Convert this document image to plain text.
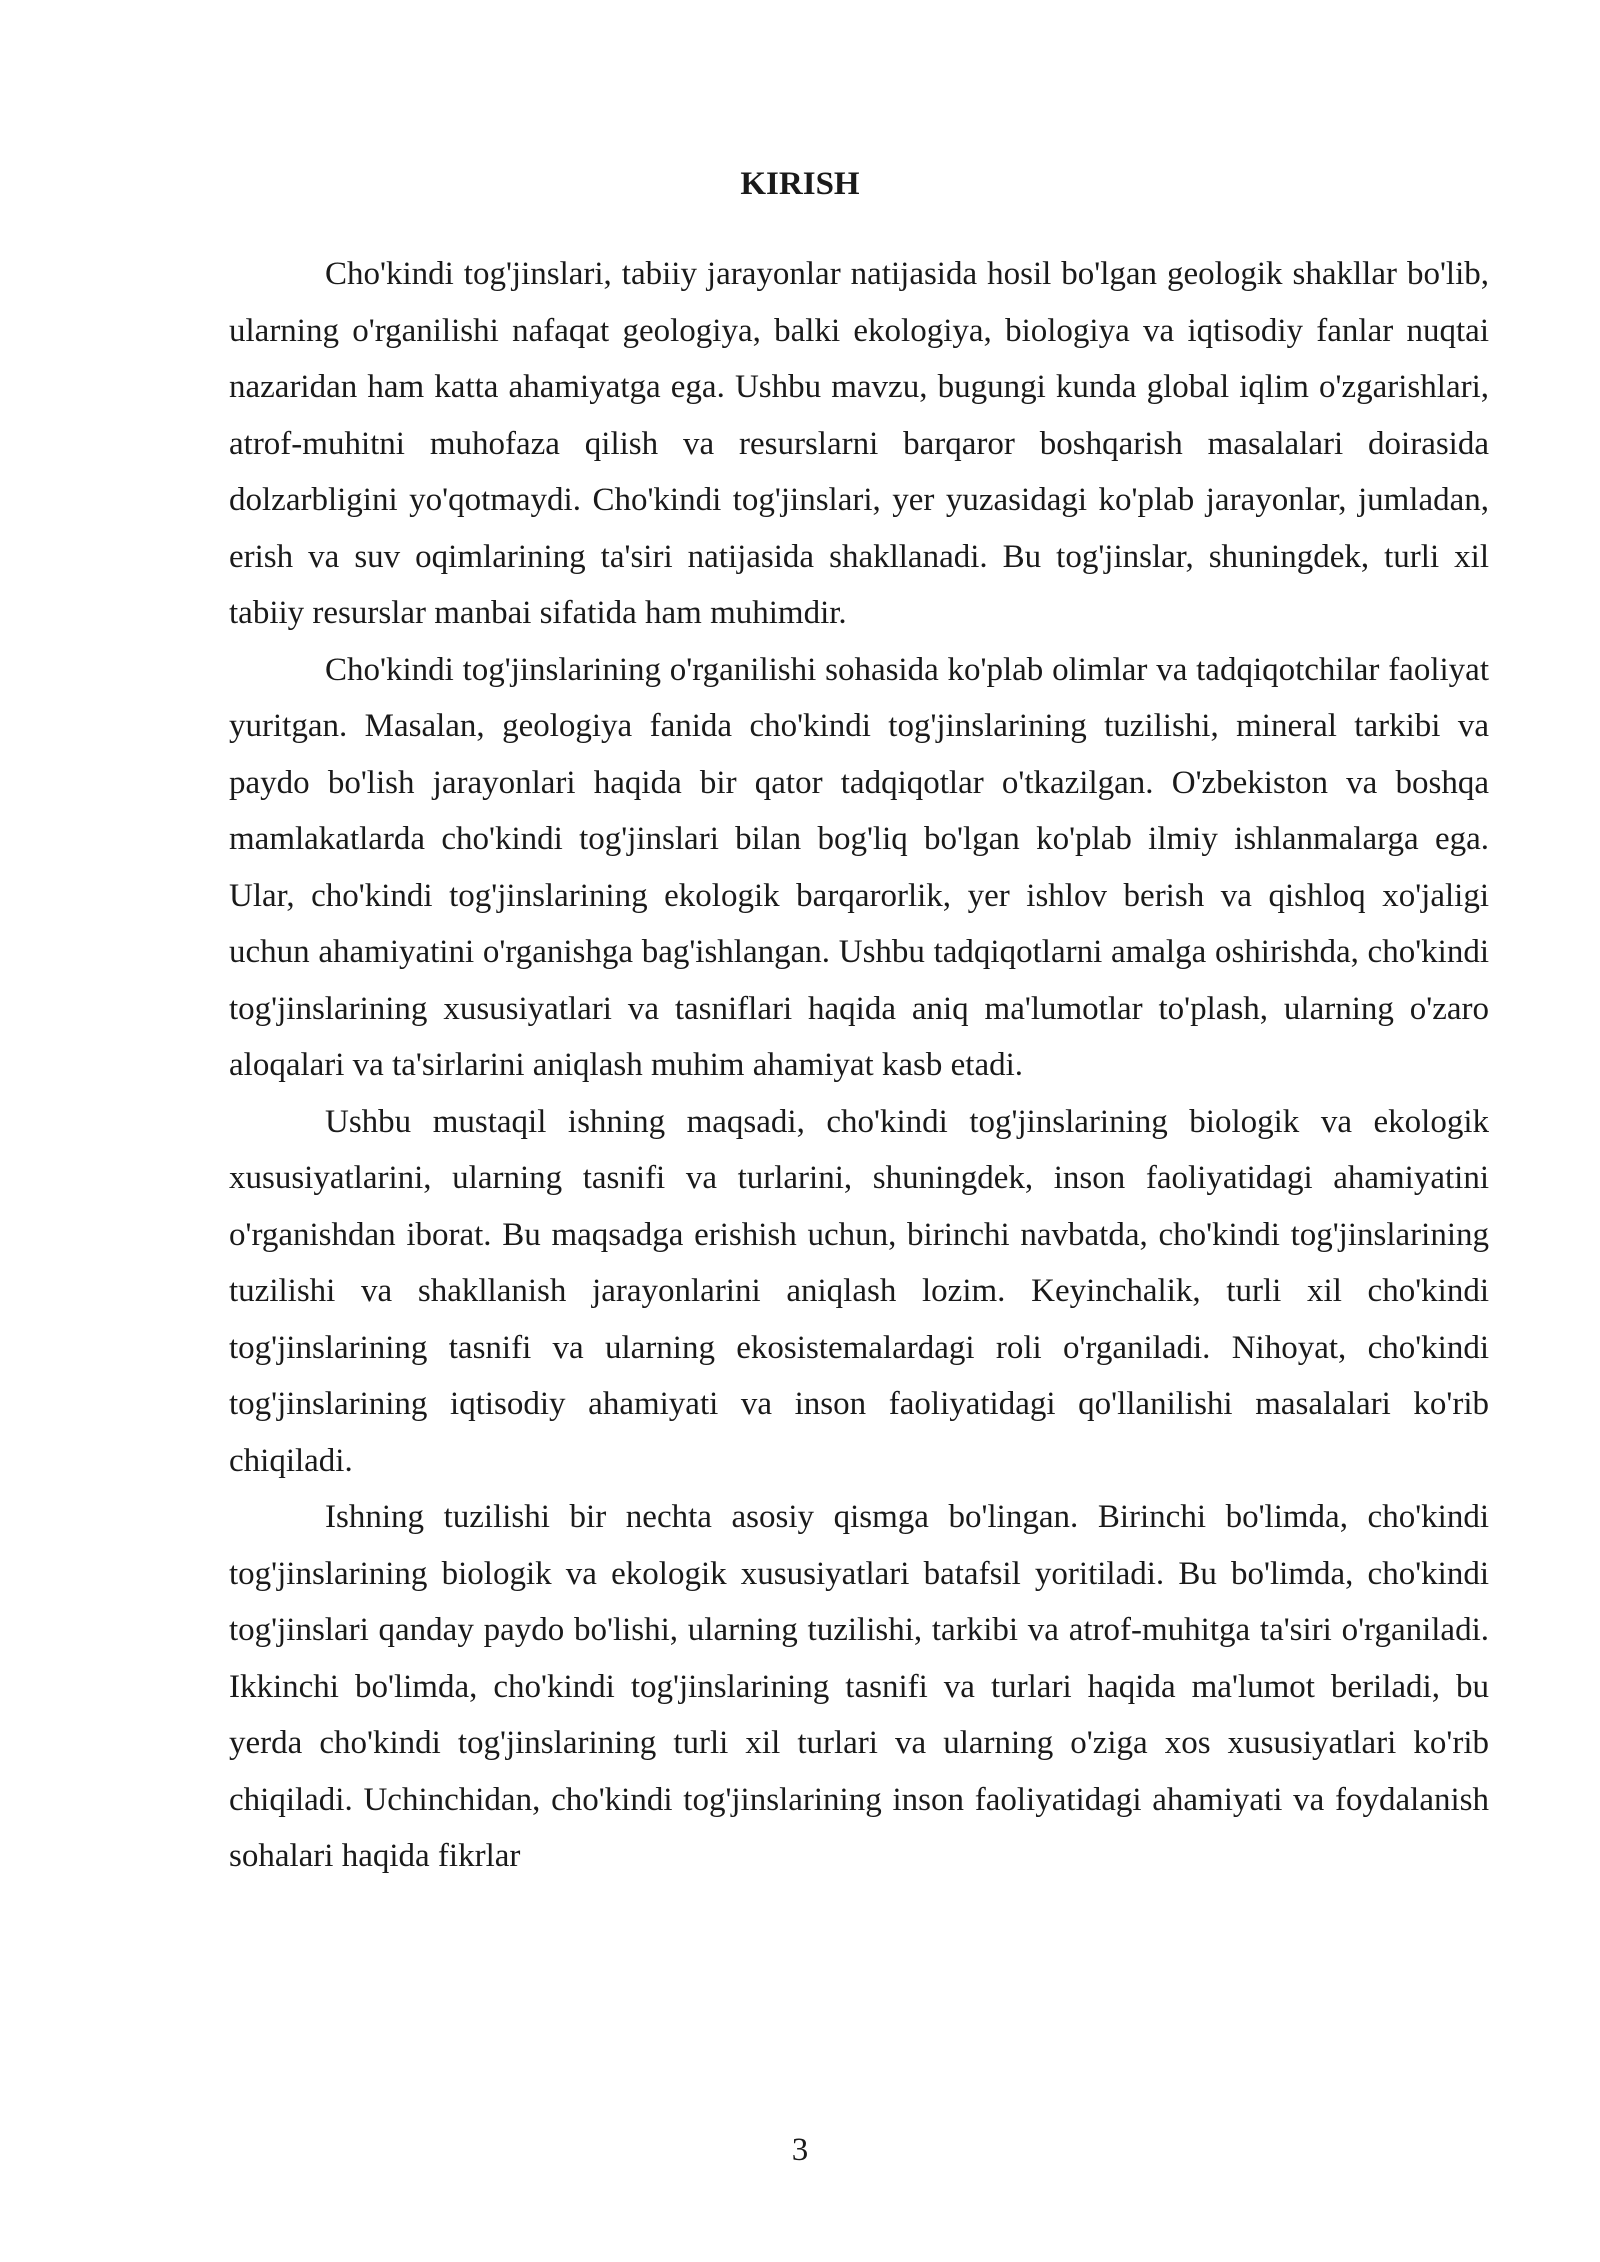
KIRISH

Cho'kindi tog'jinslari, tabiiy jarayonlar natijasida hosil bo'lgan geologik shakllar bo'lib, ularning o'rganilishi nafaqat geologiya, balki ekologiya, biologiya va iqtisodiy fanlar nuqtai nazaridan ham katta ahamiyatga ega. Ushbu mavzu, bugungi kunda global iqlim o'zgarishlari, atrof-muhitni muhofaza qilish va resurslarni barqaror boshqarish masalalari doirasida dolzarbligini yo'qotmaydi. Cho'kindi tog'jinslari, yer yuzasidagi ko'plab jarayonlar, jumladan, erish va suv oqimlarining ta'siri natijasida shakllanadi. Bu tog'jinslar, shuningdek, turli xil tabiiy resurslar manbai sifatida ham muhimdir.

Cho'kindi tog'jinslarining o'rganilishi sohasida ko'plab olimlar va tadqiqotchilar faoliyat yuritgan. Masalan, geologiya fanida cho'kindi tog'jinslarining tuzilishi, mineral tarkibi va paydo bo'lish jarayonlari haqida bir qator tadqiqotlar o'tkazilgan. O'zbekiston va boshqa mamlakatlarda cho'kindi tog'jinslari bilan bog'liq bo'lgan ko'plab ilmiy ishlanmalarga ega. Ular, cho'kindi tog'jinslarining ekologik barqarorlik, yer ishlov berish va qishloq xo'jaligi uchun ahamiyatini o'rganishga bag'ishlangan. Ushbu tadqiqotlarni amalga oshirishda, cho'kindi tog'jinslarining xususiyatlari va tasniflari haqida aniq ma'lumotlar to'plash, ularning o'zaro aloqalari va ta'sirlarini aniqlash muhim ahamiyat kasb etadi.

Ushbu mustaqil ishning maqsadi, cho'kindi tog'jinslarining biologik va ekologik xususiyatlarini, ularning tasnifi va turlarini, shuningdek, inson faoliyatidagi ahamiyatini o'rganishdan iborat. Bu maqsadga erishish uchun, birinchi navbatda, cho'kindi tog'jinslarining tuzilishi va shakllanish jarayonlarini aniqlash lozim. Keyinchalik, turli xil cho'kindi tog'jinslarining tasnifi va ularning ekosistemalardagi roli o'rganiladi. Nihoyat, cho'kindi tog'jinslarining iqtisodiy ahamiyati va inson faoliyatidagi qo'llanilishi masalalari ko'rib chiqiladi.

Ishning tuzilishi bir nechta asosiy qismga bo'lingan. Birinchi bo'limda, cho'kindi tog'jinslarining biologik va ekologik xususiyatlari batafsil yoritiladi. Bu bo'limda, cho'kindi tog'jinslari qanday paydo bo'lishi, ularning tuzilishi, tarkibi va atrof-muhitga ta'siri o'rganiladi. Ikkinchi bo'limda, cho'kindi tog'jinslarining tasnifi va turlari haqida ma'lumot beriladi, bu yerda cho'kindi tog'jinslarining turli xil turlari va ularning o'ziga xos xususiyatlari ko'rib chiqiladi. Uchinchidan, cho'kindi tog'jinslarining inson faoliyatidagi ahamiyati va foydalanish sohalari haqida fikrlar

3
